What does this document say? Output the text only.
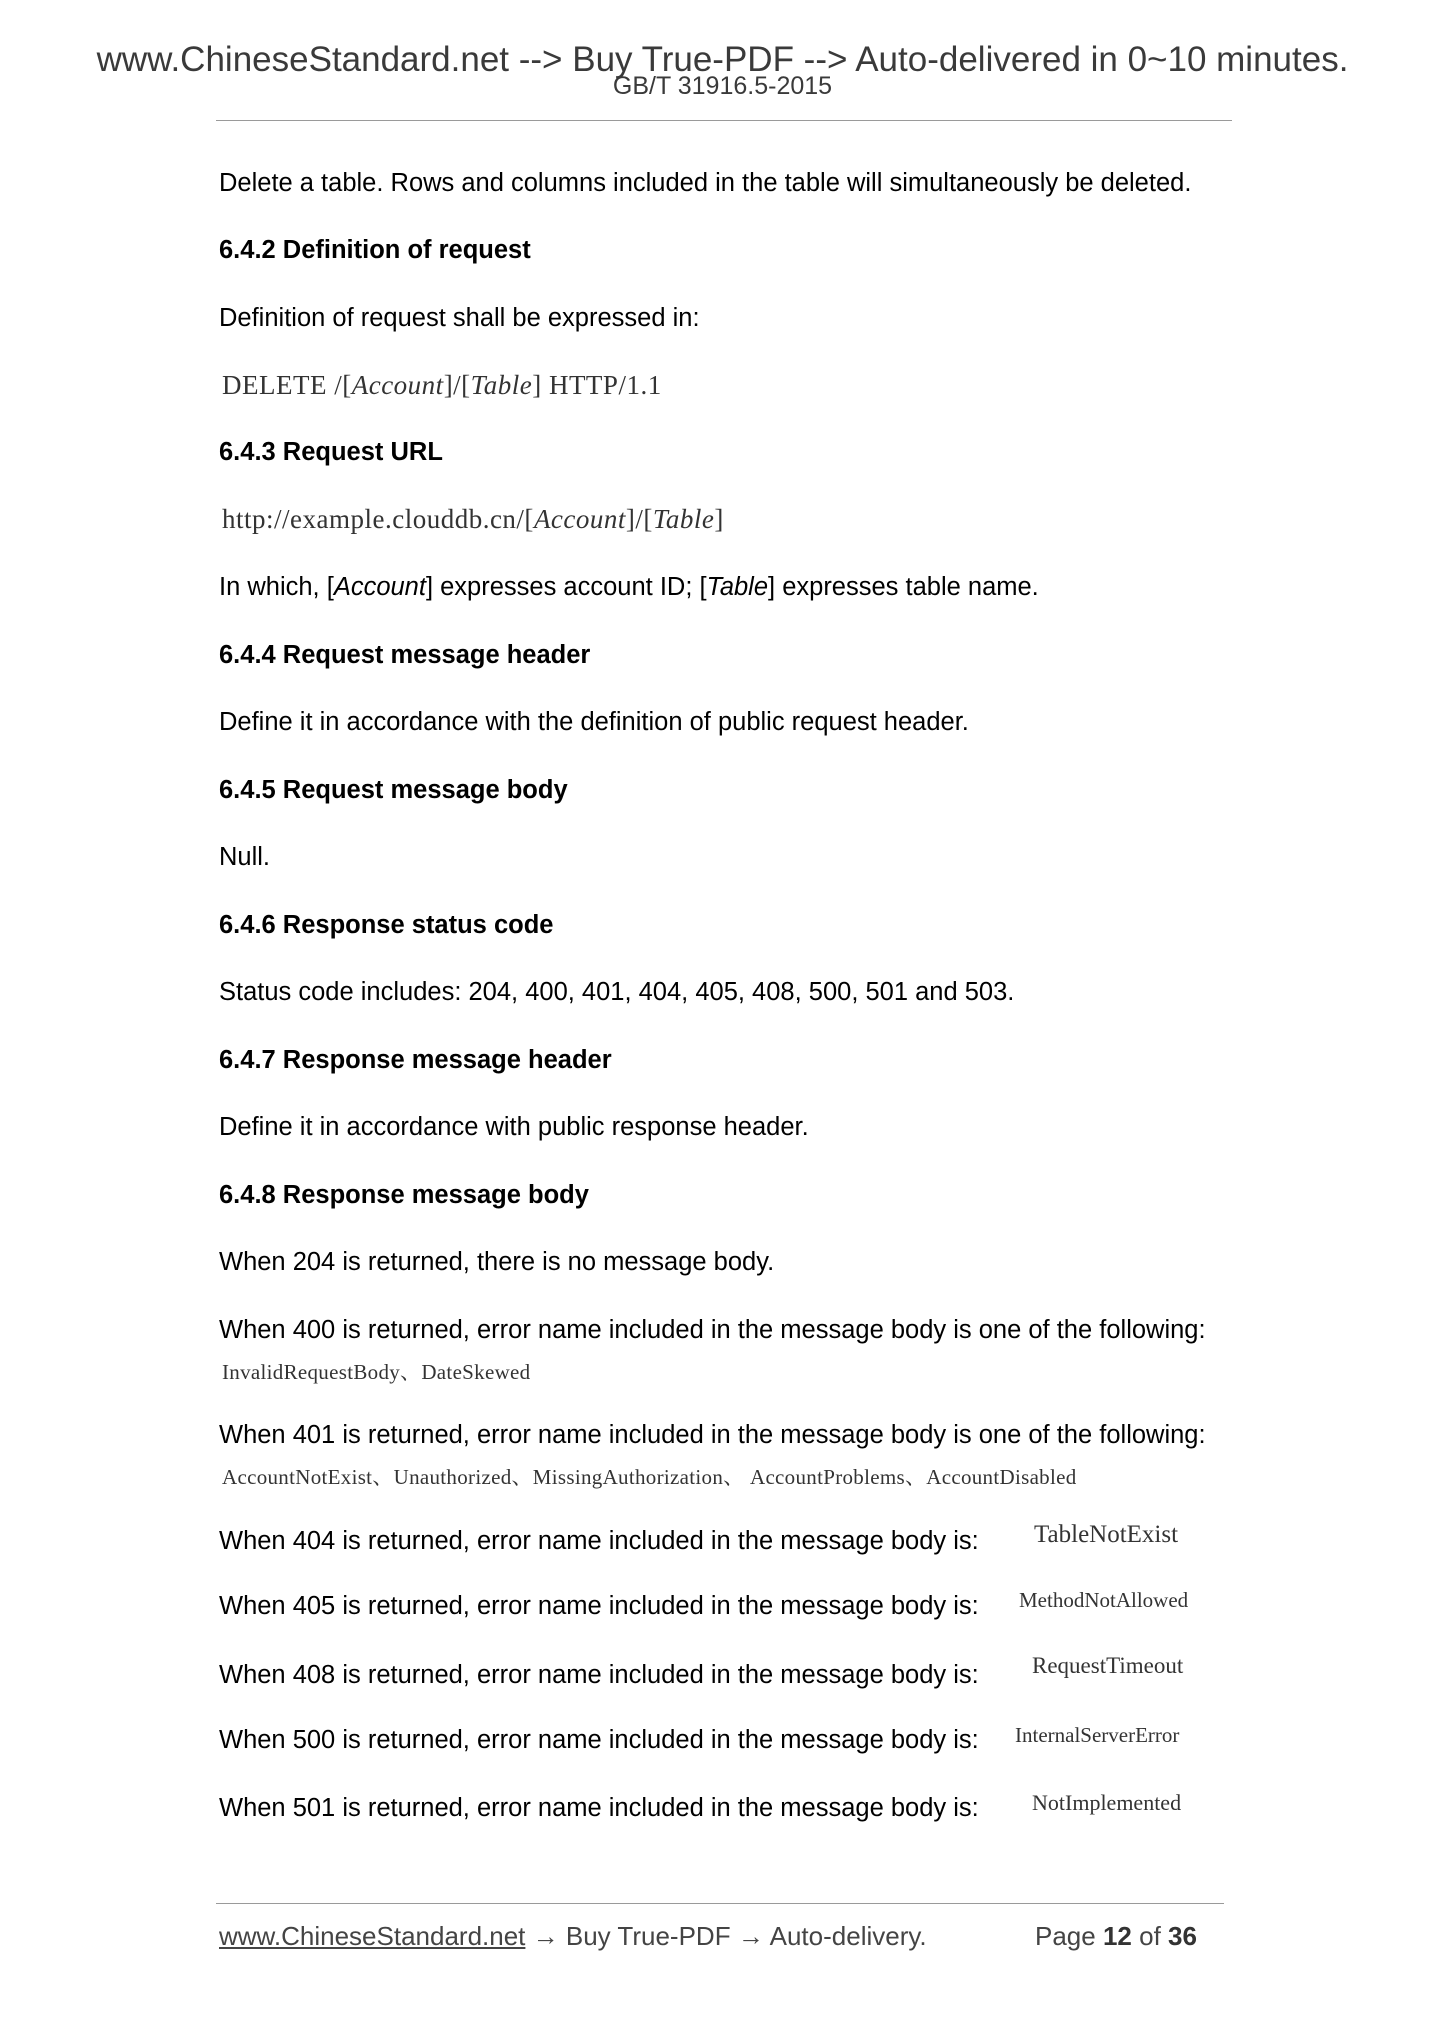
www.ChineseStandard.net --> Buy True-PDF --> Auto-delivered in 0~10 minutes.
GB/T 31916.5-2015
Delete a table. Rows and columns included in the table will simultaneously be deleted.
6.4.2 Definition of request
Definition of request shall be expressed in:
DELETE /[Account]/[Table] HTTP/1.1
6.4.3 Request URL
http://example.clouddb.cn/[Account]/[Table]
In which, [Account] expresses account ID; [Table] expresses table name.
6.4.4 Request message header
Define it in accordance with the definition of public request header.
6.4.5 Request message body
Null.
6.4.6 Response status code
Status code includes: 204, 400, 401, 404, 405, 408, 500, 501 and 503.
6.4.7 Response message header
Define it in accordance with public response header.
6.4.8 Response message body
When 204 is returned, there is no message body.
When 400 is returned, error name included in the message body is one of the following:
InvalidRequestBody、DateSkewed
When 401 is returned, error name included in the message body is one of the following:
AccountNotExist、Unauthorized、MissingAuthorization、 AccountProblems、AccountDisabled
When 404 is returned, error name included in the message body is: TableNotExist
When 405 is returned, error name included in the message body is: MethodNotAllowed
When 408 is returned, error name included in the message body is: RequestTimeout
When 500 is returned, error name included in the message body is: InternalServerError
When 501 is returned, error name included in the message body is: NotImplemented
www.ChineseStandard.net → Buy True-PDF → Auto-delivery.	Page 12 of 36
